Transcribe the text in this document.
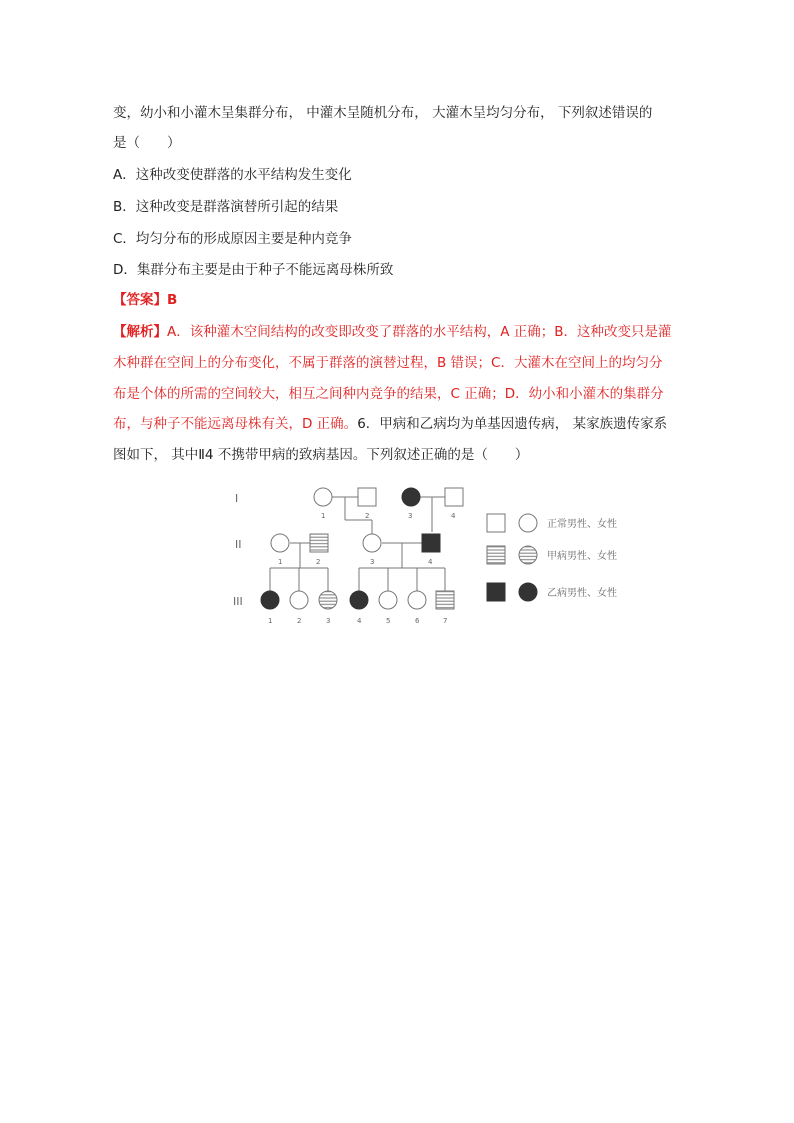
变，幼小和小灌木呈集群分布， 中灌木呈随机分布， 大灌木呈均匀分布， 下列叙述错误的
是（　　）
A．这种改变使群落的水平结构发生变化
B．这种改变是群落演替所引起的结果
C．均匀分布的形成原因主要是种内竞争
D．集群分布主要是由于种子不能远离母株所致
【答案】B
【解析】A．该种灌木空间结构的改变即改变了群落的水平结构，A 正确；B．这种改变只是灌
木种群在空间上的分布变化，不属于群落的演替过程，B 错误；C．大灌木在空间上的均匀分
布是个体的所需的空间较大，相互之间种内竞争的结果，C 正确；D．幼小和小灌木的集群分
布，与种子不能远离母株有关，D 正确。6．甲病和乙病均为单基因遗传病， 某家族遗传家系
图如下， 其中Ⅱ4 不携带甲病的致病基因。下列叙述正确的是（　　）
I
II
III
1	2	3	4
1	2	3	4
1	2	3	4	5	6	7
正常男性、女性
甲病男性、女性
乙病男性、女性
